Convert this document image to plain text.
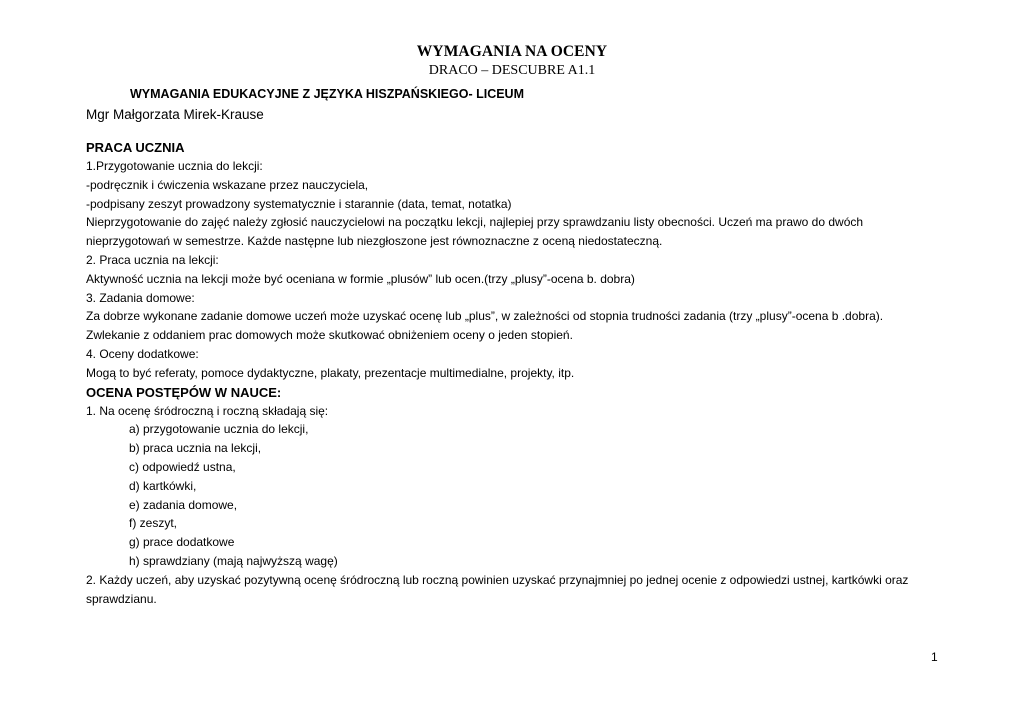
WYMAGANIA NA OCENY

DRACO – DESCUBRE A1.1

WYMAGANIA EDUKACYJNE Z JĘZYKA HISZPAŃSKIEGO- LICEUM

Mgr Małgorzata Mirek-Krause

PRACA UCZNIA

1.Przygotowanie ucznia do lekcji:

-podręcznik i ćwiczenia wskazane przez nauczyciela,

-podpisany zeszyt prowadzony systematycznie i starannie (data, temat, notatka)

Nieprzygotowanie do zajęć należy zgłosić nauczycielowi na początku lekcji, najlepiej przy sprawdzaniu listy obecności. Uczeń ma prawo do dwóch

nieprzygotowań w semestrze. Każde następne lub niezgłoszone jest równoznaczne z oceną niedostateczną.

2. Praca ucznia na lekcji:

Aktywność ucznia na lekcji może być oceniana w formie „plusów” lub ocen.(trzy „plusy”-ocena b. dobra)

3. Zadania domowe:

Za dobrze wykonane zadanie domowe uczeń może uzyskać ocenę lub „plus”, w zależności od stopnia trudności zadania (trzy „plusy”-ocena b .dobra).

Zwlekanie z oddaniem prac domowych może skutkować obniżeniem oceny o jeden stopień.

4. Oceny dodatkowe:

Mogą to być referaty, pomoce dydaktyczne, plakaty, prezentacje multimedialne, projekty, itp.

OCENA POSTĘPÓW W NAUCE:

1. Na ocenę śródroczną i roczną składają się:

a) przygotowanie ucznia do lekcji,

b) praca ucznia na lekcji,

c) odpowiedź ustna,

d) kartkówki,

e) zadania domowe,

f) zeszyt,

g) prace dodatkowe

h) sprawdziany (mają najwyższą wagę)

2. Każdy uczeń, aby uzyskać pozytywną ocenę śródroczną lub roczną powinien uzyskać przynajmniej po jednej ocenie z odpowiedzi ustnej, kartkówki oraz

sprawdzianu.

1
